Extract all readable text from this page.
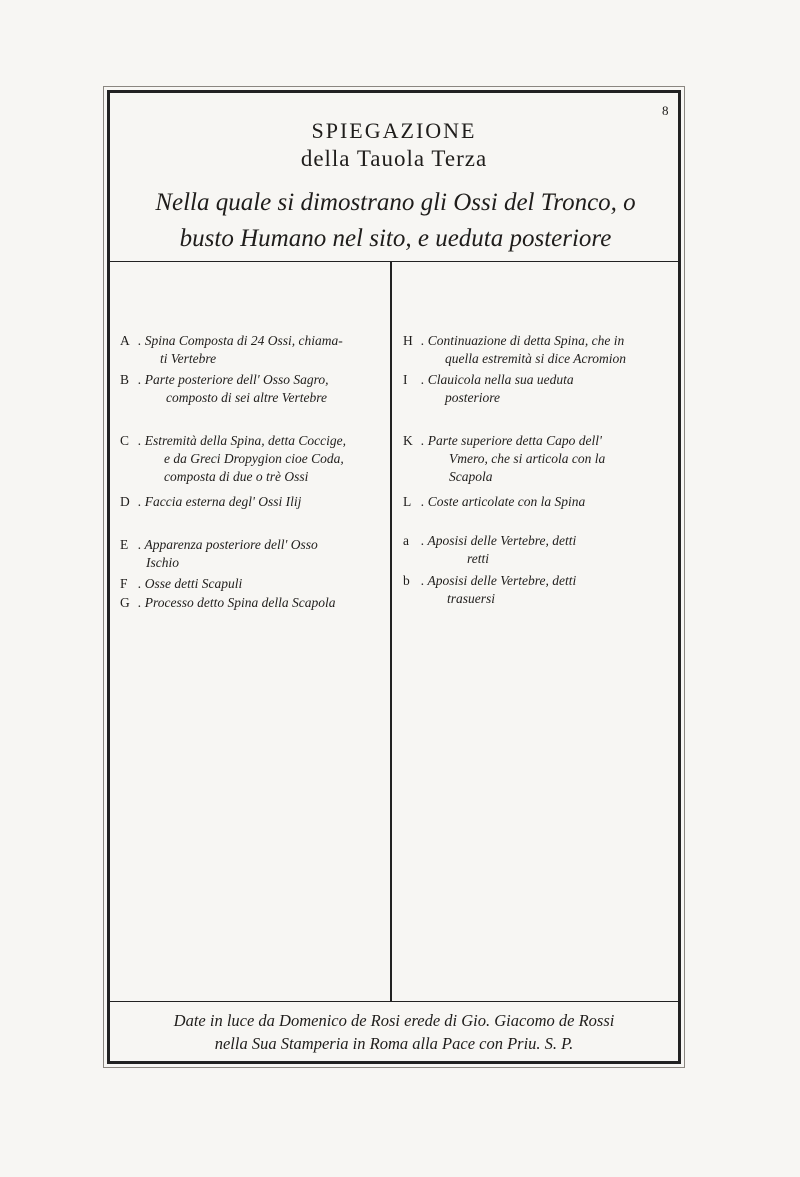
8
SPIEGAZIONE
della Tauola Terza
Nella quale si dimostrano gli Ossi del Tronco, o
busto Humano nel sito, e ueduta posteriore
A . Spina Composta di 24 Ossi, chiama-
ti Vertebre
B . Parte posteriore dell' Osso Sagro,
composto di sei altre Vertebre
C . Estremità della Spina, detta Coccige,
e da Greci Dropygion cioe Coda,
composta di due o trè Ossi
D . Faccia esterna degl' Ossi Ilij
E . Apparenza posteriore dell' Osso
Ischio
F . Osse detti Scapuli
G . Processo detto Spina della Scapola
H . Continuazione di detta Spina, che in
quella estremità si dice Acromion
I . Clauicola nella sua ueduta
posteriore
K . Parte superiore detta Capo dell'
Vmero, che si articola con la
Scapola
L . Coste articolate con la Spina
a . Aposisi delle Vertebre, detti
retti
b . Aposisi delle Vertebre, detti
trasuersi
Date in luce da Domenico de Rosi erede di Gio. Giacomo de Rossi
nella Sua Stamperia in Roma alla Pace con Priu. S. P.
